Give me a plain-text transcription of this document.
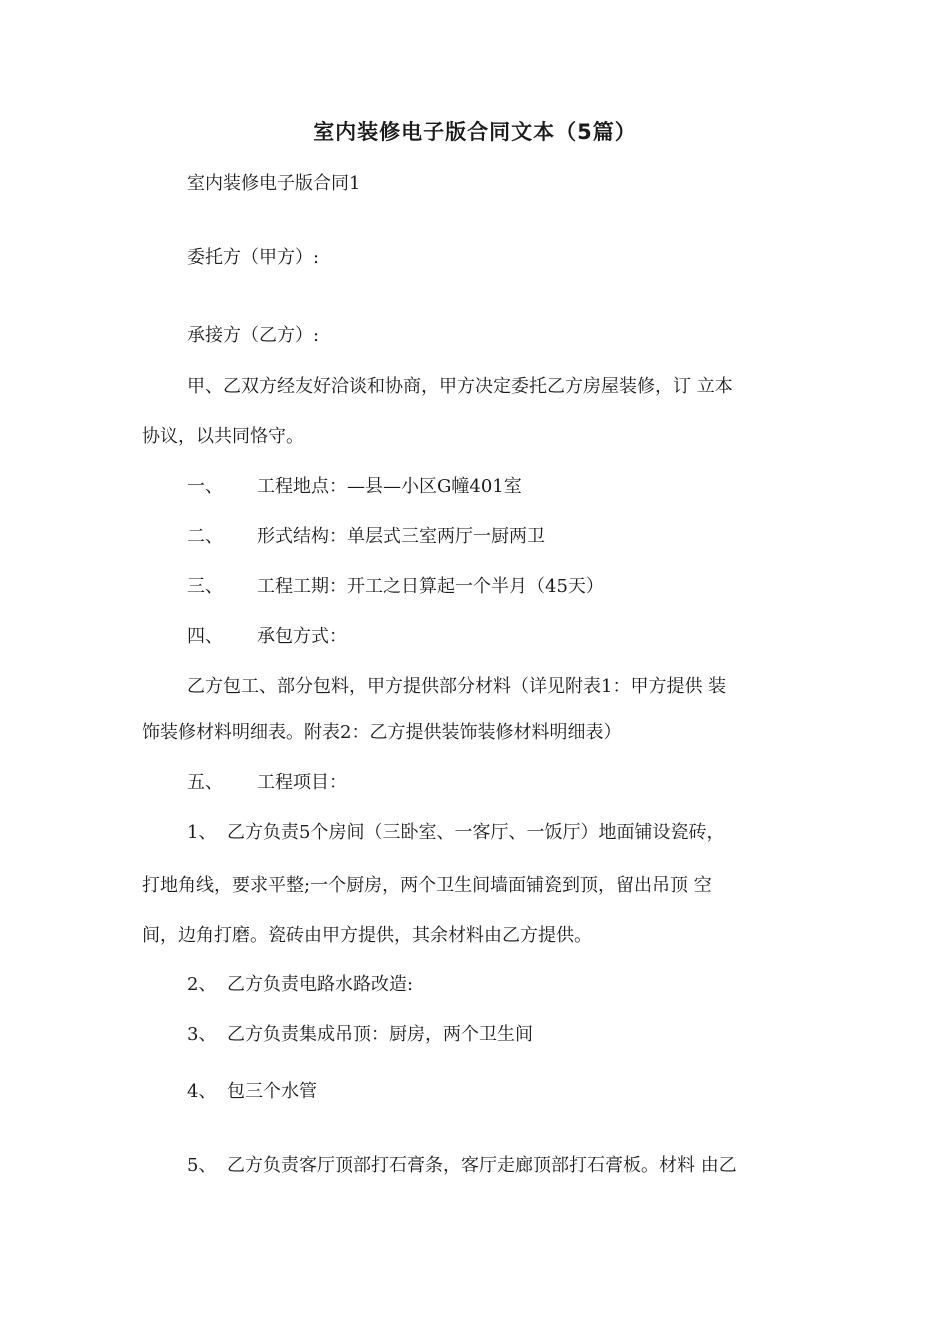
室内装修电子版合同文本（5篇）
室内装修电子版合同1
委托方（甲方）:
承接方（乙方）:
甲、乙双方经友好洽谈和协商，甲方决定委托乙方房屋装修，订 立本
协议，以共同恪守。
一、 工程地点：—县—小区G幢401室
二、 形式结构：单层式三室两厅一厨两卫
三、 工程工期：开工之日算起一个半月（45天）
四、 承包方式：
乙方包工、部分包料，甲方提供部分材料（详见附表1：甲方提供 装
饰装修材料明细表。附表2：乙方提供装饰装修材料明细表）
五、 工程项目：
1、 乙方负责5个房间（三卧室、一客厅、一饭厅）地面铺设瓷砖，
打地角线，要求平整;一个厨房，两个卫生间墙面铺瓷到顶，留出吊顶 空
间，边角打磨。瓷砖由甲方提供，其余材料由乙方提供。
2、 乙方负责电路水路改造:
3、 乙方负责集成吊顶：厨房，两个卫生间
4、 包三个水管
5、 乙方负责客厅顶部打石膏条，客厅走廊顶部打石膏板。材料 由乙
